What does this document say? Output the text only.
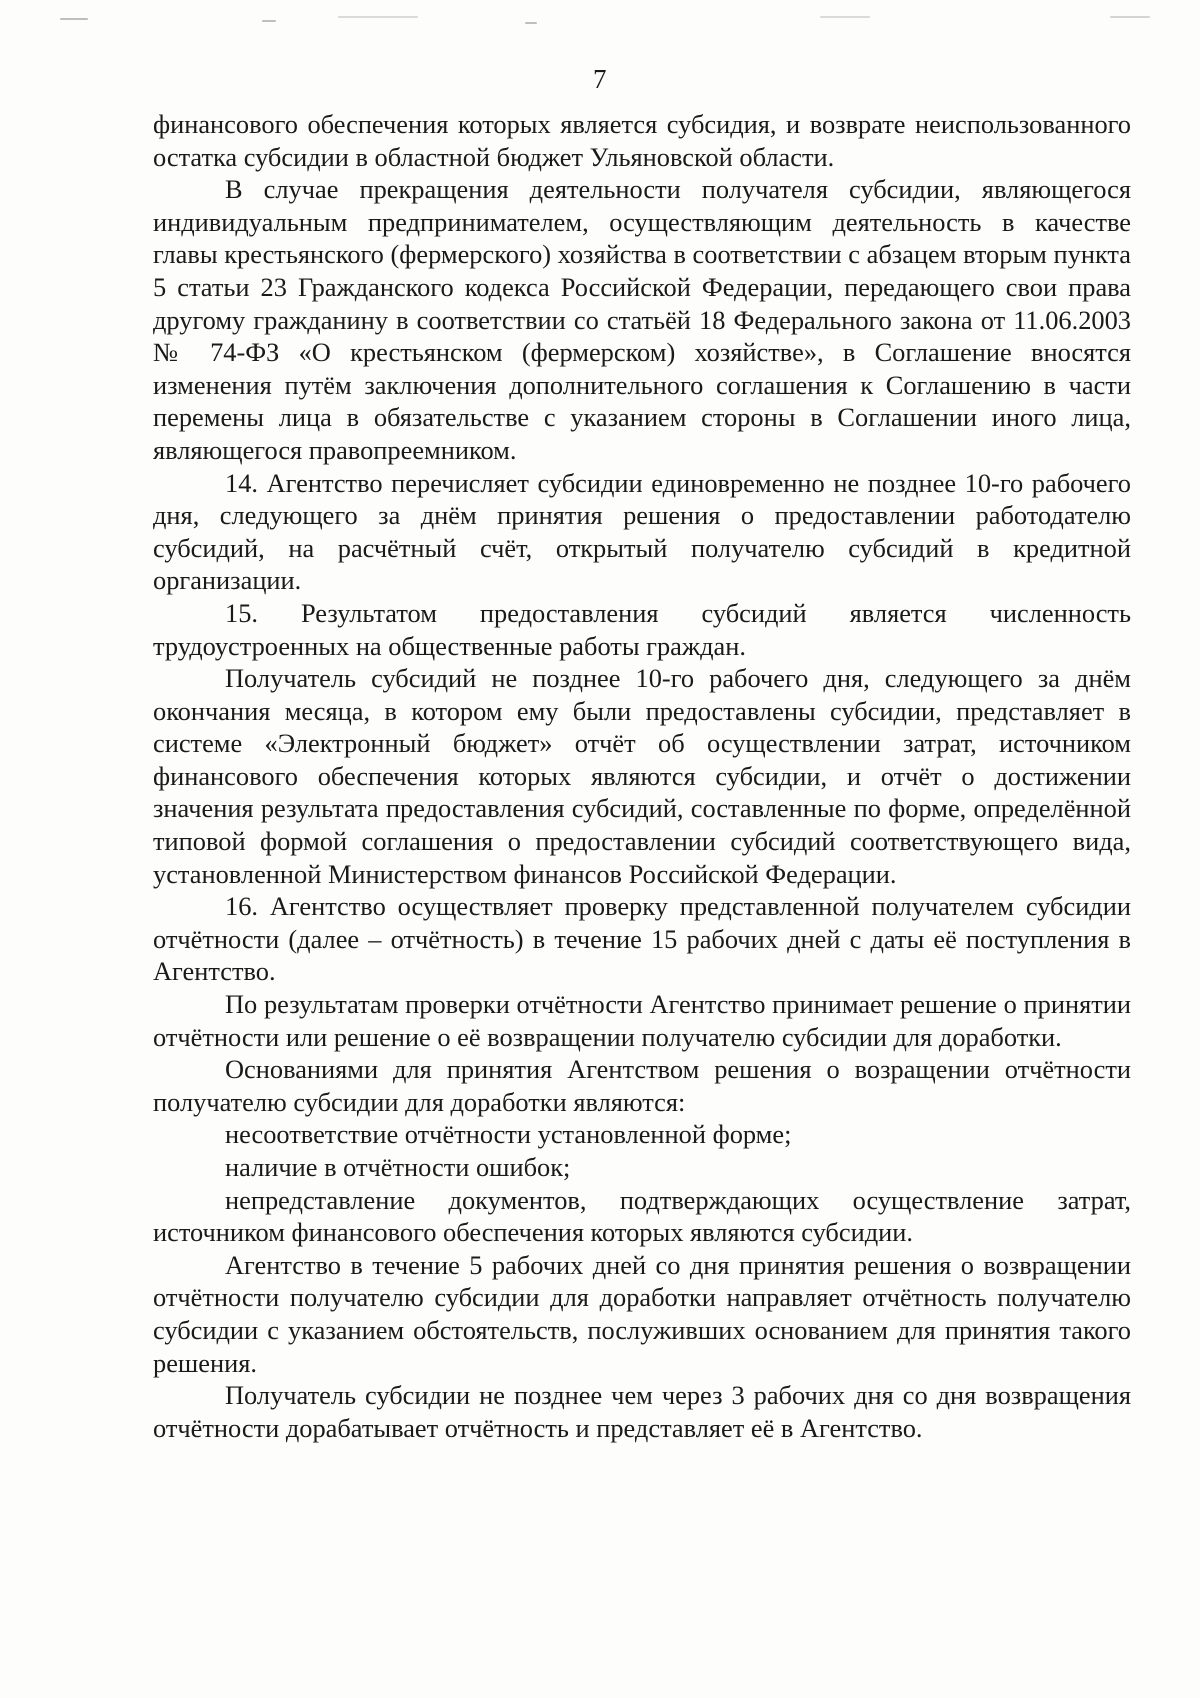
7

финансового обеспечения которых является субсидия, и возврате неиспользованного остатка субсидии в областной бюджет Ульяновской области.

В случае прекращения деятельности получателя субсидии, являющегося индивидуальным предпринимателем, осуществляющим деятельность в качестве главы крестьянского (фермерского) хозяйства в соответствии с абзацем вторым пункта 5 статьи 23 Гражданского кодекса Российской Федерации, передающего свои права другому гражданину в соответствии со статьёй 18 Федерального закона от 11.06.2003 № 74-ФЗ «О крестьянском (фермерском) хозяйстве», в Соглашение вносятся изменения путём заключения дополнительного соглашения к Соглашению в части перемены лица в обязательстве с указанием стороны в Соглашении иного лица, являющегося правопреемником.

14. Агентство перечисляет субсидии единовременно не позднее 10-го рабочего дня, следующего за днём принятия решения о предоставлении работодателю субсидий, на расчётный счёт, открытый получателю субсидий в кредитной организации.

15. Результатом предоставления субсидий является численность трудоустроенных на общественные работы граждан.

Получатель субсидий не позднее 10-го рабочего дня, следующего за днём окончания месяца, в котором ему были предоставлены субсидии, представляет в системе «Электронный бюджет» отчёт об осуществлении затрат, источником финансового обеспечения которых являются субсидии, и отчёт о достижении значения результата предоставления субсидий, составленные по форме, определённой типовой формой соглашения о предоставлении субсидий соответствующего вида, установленной Министерством финансов Российской Федерации.

16. Агентство осуществляет проверку представленной получателем субсидии отчётности (далее – отчётность) в течение 15 рабочих дней с даты её поступления в Агентство.

По результатам проверки отчётности Агентство принимает решение о принятии отчётности или решение о её возвращении получателю субсидии для доработки.

Основаниями для принятия Агентством решения о возращении отчётности получателю субсидии для доработки являются:

несоответствие отчётности установленной форме;

наличие в отчётности ошибок;

непредставление документов, подтверждающих осуществление затрат, источником финансового обеспечения которых являются субсидии.

Агентство в течение 5 рабочих дней со дня принятия решения о возвращении отчётности получателю субсидии для доработки направляет отчётность получателю субсидии с указанием обстоятельств, послуживших основанием для принятия такого решения.

Получатель субсидии не позднее чем через 3 рабочих дня со дня возвращения отчётности дорабатывает отчётность и представляет её в Агентство.
